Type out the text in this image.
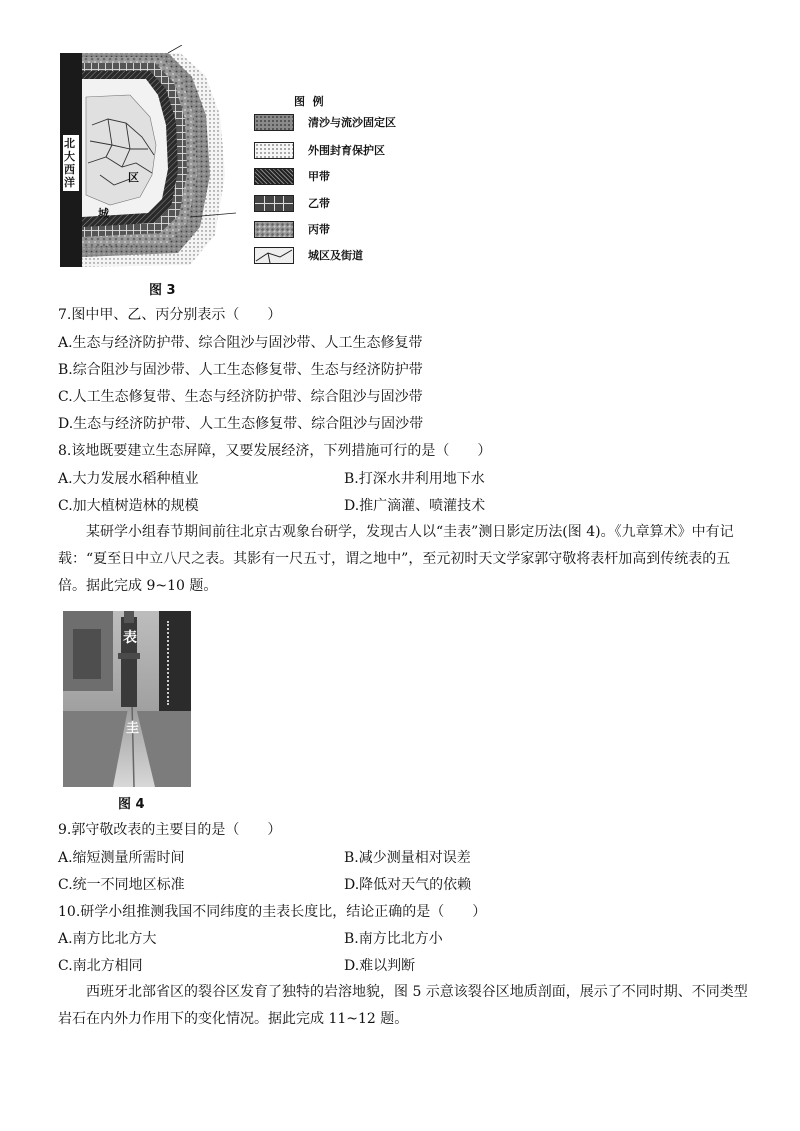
北大西洋	区
城
图  例
清沙与流沙固定区
外围封育保护区
甲带
乙带
丙带
城区及街道
图 3
7.图中甲、乙、丙分别表示（　　）
A.生态与经济防护带、综合阻沙与固沙带、人工生态修复带
B.综合阻沙与固沙带、人工生态修复带、生态与经济防护带
C.人工生态修复带、生态与经济防护带、综合阻沙与固沙带
D.生态与经济防护带、人工生态修复带、综合阻沙与固沙带
8.该地既要建立生态屏障，又要发展经济，下列措施可行的是（　　）
A.大力发展水稻种植业	B.打深水井利用地下水
C.加大植树造林的规模	D.推广滴灌、喷灌技术
某研学小组春节期间前往北京古观象台研学，发现古人以“圭表”测日影定历法(图 4)。《九章算术》中有记载：“夏至日中立八尺之表。其影有一尺五寸，谓之地中”，至元初时天文学家郭守敬将表杆加高到传统表的五倍。据此完成 9~10 题。
表
圭
图 4
9.郭守敬改表的主要目的是（　　）
A.缩短测量所需时间	B.减少测量相对误差
C.统一不同地区标准	D.降低对天气的依赖
10.研学小组推测我国不同纬度的圭表长度比，结论正确的是（　　）
A.南方比北方大	B.南方比北方小
C.南北方相同	D.难以判断
西班牙北部省区的裂谷区发育了独特的岩溶地貌，图 5 示意该裂谷区地质剖面，展示了不同时期、不同类型岩石在内外力作用下的变化情况。据此完成 11~12 题。
